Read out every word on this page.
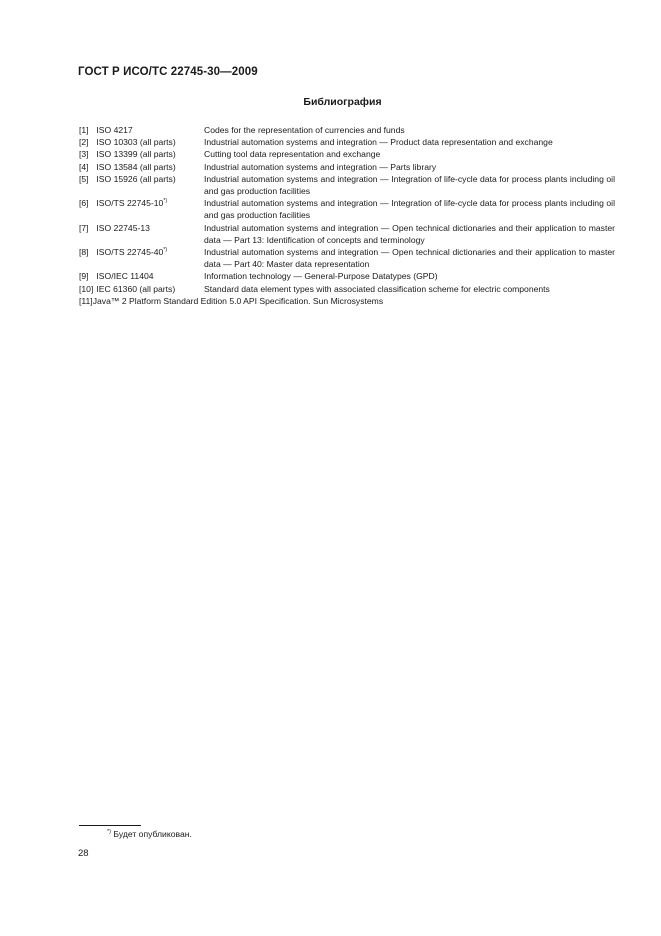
ГОСТ Р ИСО/ТС 22745-30—2009
Библиография
[1] ISO 4217	Codes for the representation of currencies and funds
[2] ISO 10303 (all parts)	Industrial automation systems and integration — Product data representation and exchange
[3] ISO 13399 (all parts)	Cutting tool data representation and exchange
[4] ISO 13584 (all parts)	Industrial automation systems and integration — Parts library
[5] ISO 15926 (all parts)	Industrial automation systems and integration — Integration of life-cycle data for process plants including oil and gas production facilities
[6] ISO/TS 22745-10*)	Industrial automation systems and integration — Integration of life-cycle data for process plants including oil and gas production facilities
[7] ISO 22745-13	Industrial automation systems and integration — Open technical dictionaries and their application to master data — Part 13: Identification of concepts and terminology
[8] ISO/TS 22745-40*)	Industrial automation systems and integration — Open technical dictionaries and their application to master data — Part 40: Master data representation
[9] ISO/IEC 11404	Information technology — General-Purpose Datatypes (GPD)
[10] IEC 61360 (all parts)	Standard data element types with associated classification scheme for electric components
[11] Java™ 2 Platform Standard Edition 5.0 API Specification. Sun Microsystems
*) Будет опубликован.
28
